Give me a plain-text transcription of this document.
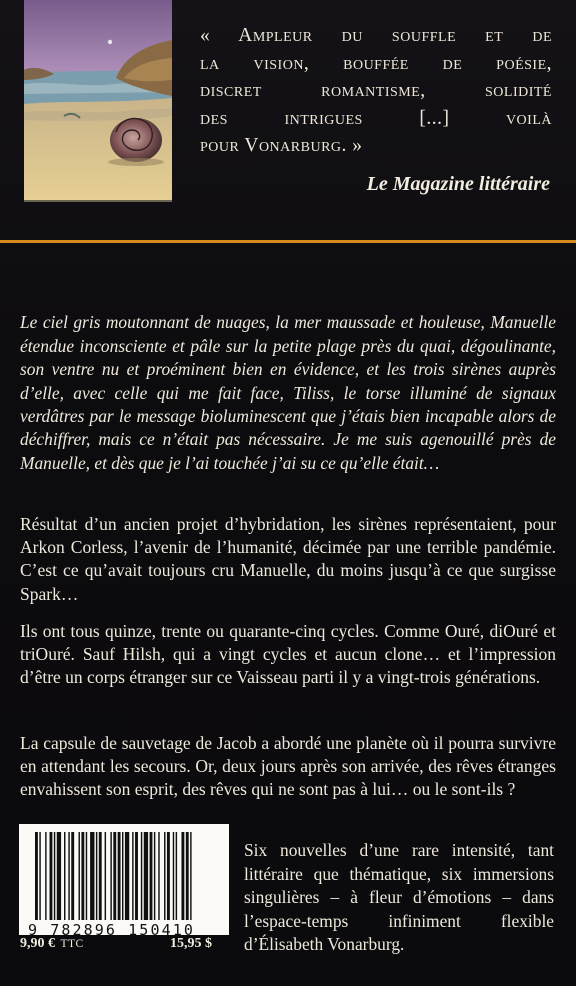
« Ampleur du souffle et de
la vision, bouffée de poésie,
discret romantisme, solidité
des intrigues [...] voilà
pour Vonarburg. »
Le Magazine littéraire

Le ciel gris moutonnant de nuages, la mer maussade et houleuse, Manuelle étendue inconsciente et pâle sur la petite plage près du quai, dégoulinante, son ventre nu et proéminent bien en évidence, et les trois sirènes auprès d’elle, avec celle qui me fait face, Tiliss, le torse illuminé de signaux verdâtres par le message bioluminescent que j’étais bien incapable alors de déchiffrer, mais ce n’était pas nécessaire. Je me suis agenouillé près de Manuelle, et dès que je l’ai touchée j’ai su ce qu’elle était…

Résultat d’un ancien projet d’hybridation, les sirènes représentaient, pour Arkon Corless, l’avenir de l’humanité, décimée par une terrible pandémie. C’est ce qu’avait toujours cru Manuelle, du moins jusqu’à ce que surgisse Spark…

Ils ont tous quinze, trente ou quarante-cinq cycles. Comme Ouré, diOuré et triOuré. Sauf Hilsh, qui a vingt cycles et aucun clone… et l’impression d’être un corps étranger sur ce Vaisseau parti il y a vingt-trois générations.

La capsule de sauvetage de Jacob a abordé une planète où il pourra survivre en attendant les secours. Or, deux jours après son arrivée, des rêves étranges envahissent son esprit, des rêves qui ne sont pas à lui… ou le sont-ils ?

9 782896 150410
9,90 € TTC	15,95 $

Six nouvelles d’une rare intensité, tant littéraire que thématique, six immersions singulières – à fleur d’émotions – dans l’espace-temps infiniment flexible d’Élisabeth Vonarburg.
